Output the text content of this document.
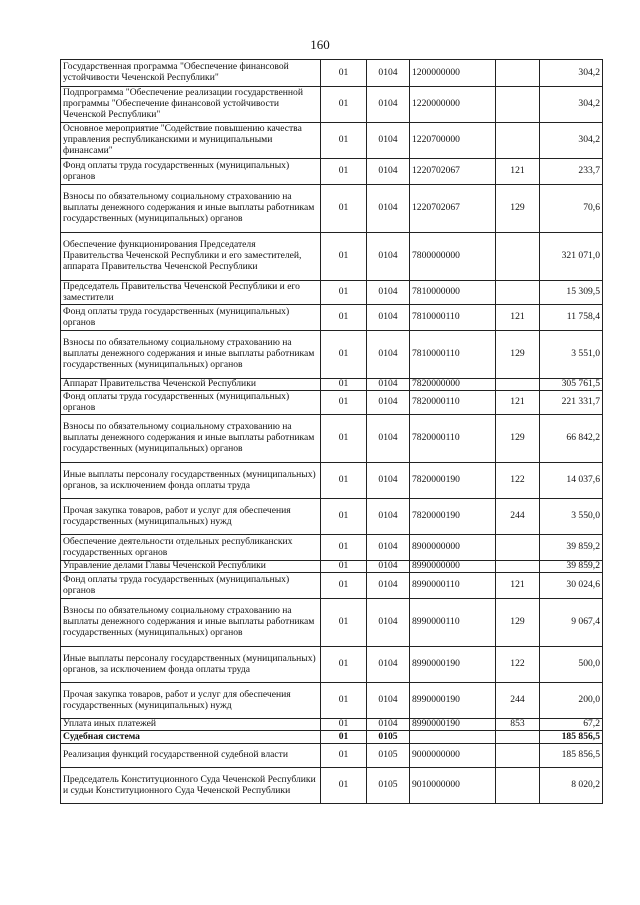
160
Государственная программа "Обеспечение финансовой устойчивости Чеченской Республики"	01	0104	1200000000		304,2
Подпрограмма "Обеспечение реализации государственной программы "Обеспечение финансовой устойчивости Чеченской Республики"	01	0104	1220000000		304,2
Основное мероприятие "Содействие повышению качества управления республиканскими и муниципальными финансами"	01	0104	1220700000		304,2
Фонд оплаты труда государственных (муниципальных) органов	01	0104	1220702067	121	233,7
Взносы по обязательному социальному страхованию на выплаты денежного содержания и иные выплаты работникам государственных (муниципальных) органов	01	0104	1220702067	129	70,6
Обеспечение функционирования Председателя Правительства Чеченской Республики и его заместителей, аппарата Правительства Чеченской Республики	01	0104	7800000000		321 071,0
Председатель Правительства Чеченской Республики и его заместители	01	0104	7810000000		15 309,5
Фонд оплаты труда государственных (муниципальных) органов	01	0104	7810000110	121	11 758,4
Взносы по обязательному социальному страхованию на выплаты денежного содержания и иные выплаты работникам государственных (муниципальных) органов	01	0104	7810000110	129	3 551,0
Аппарат Правительства Чеченской Республики	01	0104	7820000000		305 761,5
Фонд оплаты труда государственных (муниципальных) органов	01	0104	7820000110	121	221 331,7
Взносы по обязательному социальному страхованию на выплаты денежного содержания и иные выплаты работникам государственных (муниципальных) органов	01	0104	7820000110	129	66 842,2
Иные выплаты персоналу государственных (муниципальных) органов, за исключением фонда оплаты труда	01	0104	7820000190	122	14 037,6
Прочая закупка товаров, работ и услуг для обеспечения государственных (муниципальных) нужд	01	0104	7820000190	244	3 550,0
Обеспечение деятельности отдельных республиканских государственных органов	01	0104	8900000000		39 859,2
Управление делами Главы Чеченской Республики	01	0104	8990000000		39 859,2
Фонд оплаты труда государственных (муниципальных) органов	01	0104	8990000110	121	30 024,6
Взносы по обязательному социальному страхованию на выплаты денежного содержания и иные выплаты работникам государственных (муниципальных) органов	01	0104	8990000110	129	9 067,4
Иные выплаты персоналу государственных (муниципальных) органов, за исключением фонда оплаты труда	01	0104	8990000190	122	500,0
Прочая закупка товаров, работ и услуг для обеспечения государственных (муниципальных) нужд	01	0104	8990000190	244	200,0
Уплата иных платежей	01	0104	8990000190	853	67,2
Судебная система	01	0105			185 856,5
Реализация функций государственной судебной власти	01	0105	9000000000		185 856,5
Председатель Конституционного Суда Чеченской Республики и судьи Конституционного Суда Чеченской Республики	01	0105	9010000000		8 020,2
